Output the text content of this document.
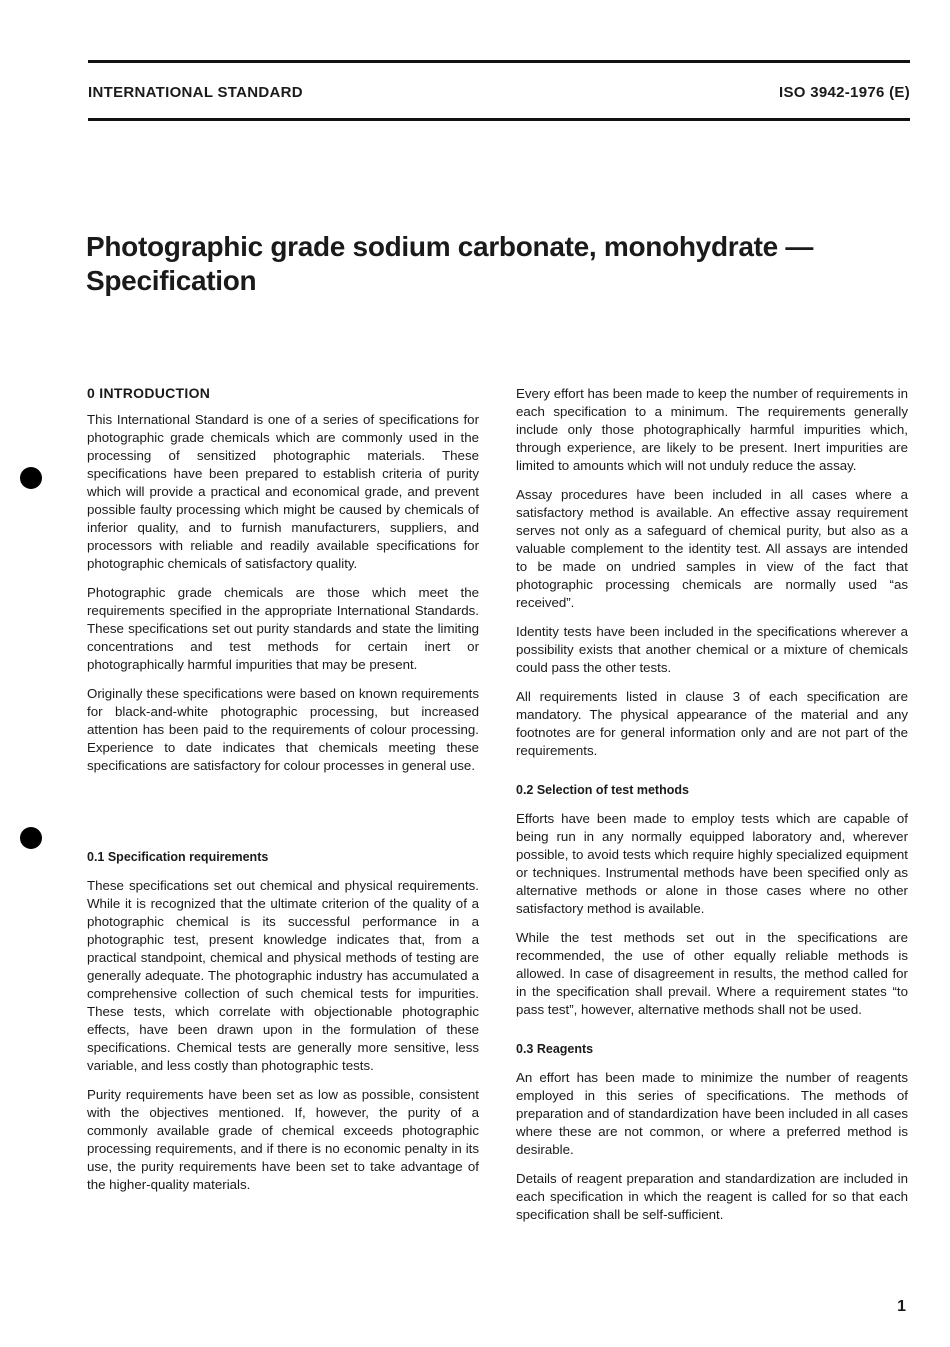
INTERNATIONAL STANDARD	ISO 3942-1976 (E)
Photographic grade sodium carbonate, monohydrate —
Specification
0 INTRODUCTION

This International Standard is one of a series of specifications for photographic grade chemicals which are commonly used in the processing of sensitized photographic materials. These specifications have been prepared to establish criteria of purity which will provide a practical and economical grade, and prevent possible faulty processing which might be caused by chemicals of inferior quality, and to furnish manufacturers, suppliers, and processors with reliable and readily available specifications for photographic chemicals of satisfactory quality.

Photographic grade chemicals are those which meet the requirements specified in the appropriate International Standards. These specifications set out purity standards and state the limiting concentrations and test methods for certain inert or photographically harmful impurities that may be present.

Originally these specifications were based on known requirements for black-and-white photographic processing, but increased attention has been paid to the requirements of colour processing. Experience to date indicates that chemicals meeting these specifications are satisfactory for colour processes in general use.

0.1 Specification requirements

These specifications set out chemical and physical requirements. While it is recognized that the ultimate criterion of the quality of a photographic chemical is its successful performance in a photographic test, present knowledge indicates that, from a practical standpoint, chemical and physical methods of testing are generally adequate. The photographic industry has accumulated a comprehensive collection of such chemical tests for impurities. These tests, which correlate with objectionable photographic effects, have been drawn upon in the formulation of these specifications. Chemical tests are generally more sensitive, less variable, and less costly than photographic tests.

Purity requirements have been set as low as possible, consistent with the objectives mentioned. If, however, the purity of a commonly available grade of chemical exceeds photographic processing requirements, and if there is no economic penalty in its use, the purity requirements have been set to take advantage of the higher-quality materials.

Every effort has been made to keep the number of requirements in each specification to a minimum. The requirements generally include only those photographically harmful impurities which, through experience, are likely to be present. Inert impurities are limited to amounts which will not unduly reduce the assay.

Assay procedures have been included in all cases where a satisfactory method is available. An effective assay requirement serves not only as a safeguard of chemical purity, but also as a valuable complement to the identity test. All assays are intended to be made on undried samples in view of the fact that photographic processing chemicals are normally used “as received”.

Identity tests have been included in the specifications wherever a possibility exists that another chemical or a mixture of chemicals could pass the other tests.

All requirements listed in clause 3 of each specification are mandatory. The physical appearance of the material and any footnotes are for general information only and are not part of the requirements.

0.2 Selection of test methods

Efforts have been made to employ tests which are capable of being run in any normally equipped laboratory and, wherever possible, to avoid tests which require highly specialized equipment or techniques. Instrumental methods have been specified only as alternative methods or alone in those cases where no other satisfactory method is available.

While the test methods set out in the specifications are recommended, the use of other equally reliable methods is allowed. In case of disagreement in results, the method called for in the specification shall prevail. Where a requirement states “to pass test”, however, alternative methods shall not be used.

0.3 Reagents

An effort has been made to minimize the number of reagents employed in this series of specifications. The methods of preparation and of standardization have been included in all cases where these are not common, or where a preferred method is desirable.

Details of reagent preparation and standardization are included in each specification in which the reagent is called for so that each specification shall be self-sufficient.

1
